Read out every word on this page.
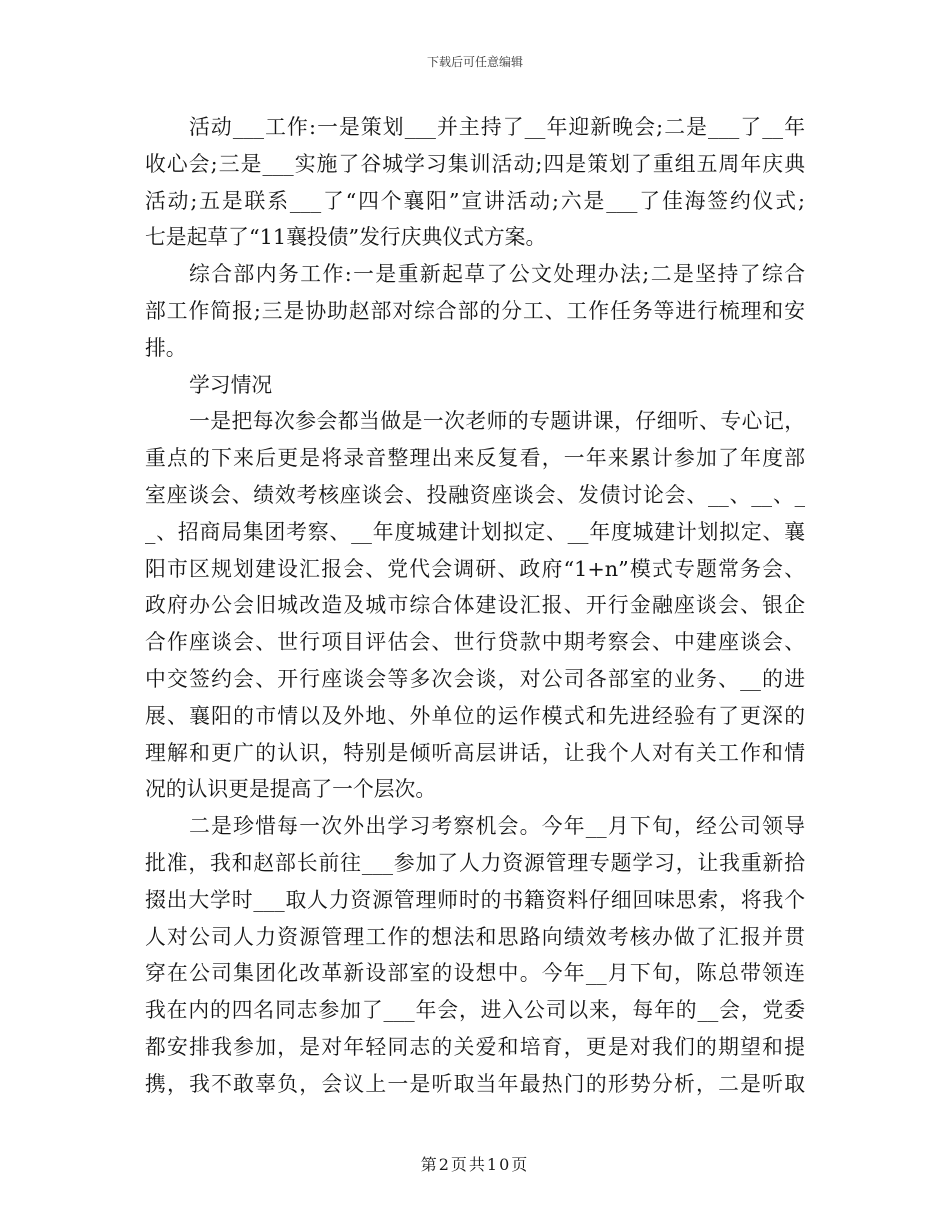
下载后可任意编辑
活动___工作:一是策划___并主持了__年迎新晚会;二是___了__年
收心会;三是___实施了谷城学习集训活动;四是策划了重组五周年庆典
活动;五是联系___了“四个襄阳”宣讲活动;六是___了佳海签约仪式;
七是起草了“11襄投债”发行庆典仪式方案。
综合部内务工作:一是重新起草了公文处理办法;二是坚持了综合
部工作简报;三是协助赵部对综合部的分工、工作任务等进行梳理和安
排。
学习情况
一是把每次参会都当做是一次老师的专题讲课，仔细听、专心记，
重点的下来后更是将录音整理出来反复看，一年来累计参加了年度部
室座谈会、绩效考核座谈会、投融资座谈会、发债讨论会、__、__、_
_、招商局集团考察、__年度城建计划拟定、__年度城建计划拟定、襄
阳市区规划建设汇报会、党代会调研、政府“1+n”模式专题常务会、
政府办公会旧城改造及城市综合体建设汇报、开行金融座谈会、银企
合作座谈会、世行项目评估会、世行贷款中期考察会、中建座谈会、
中交签约会、开行座谈会等多次会谈，对公司各部室的业务、__的进
展、襄阳的市情以及外地、外单位的运作模式和先进经验有了更深的
理解和更广的认识，特别是倾听高层讲话，让我个人对有关工作和情
况的认识更是提高了一个层次。
二是珍惜每一次外出学习考察机会。今年__月下旬，经公司领导
批准，我和赵部长前往___参加了人力资源管理专题学习，让我重新拾
掇出大学时___取人力资源管理师时的书籍资料仔细回味思索，将我个
人对公司人力资源管理工作的想法和思路向绩效考核办做了汇报并贯
穿在公司集团化改革新设部室的设想中。今年__月下旬，陈总带领连
我在内的四名同志参加了___年会，进入公司以来，每年的__会，党委
都安排我参加，是对年轻同志的关爱和培育，更是对我们的期望和提
携，我不敢辜负，会议上一是听取当年最热门的形势分析，二是听取
第2页共10页
